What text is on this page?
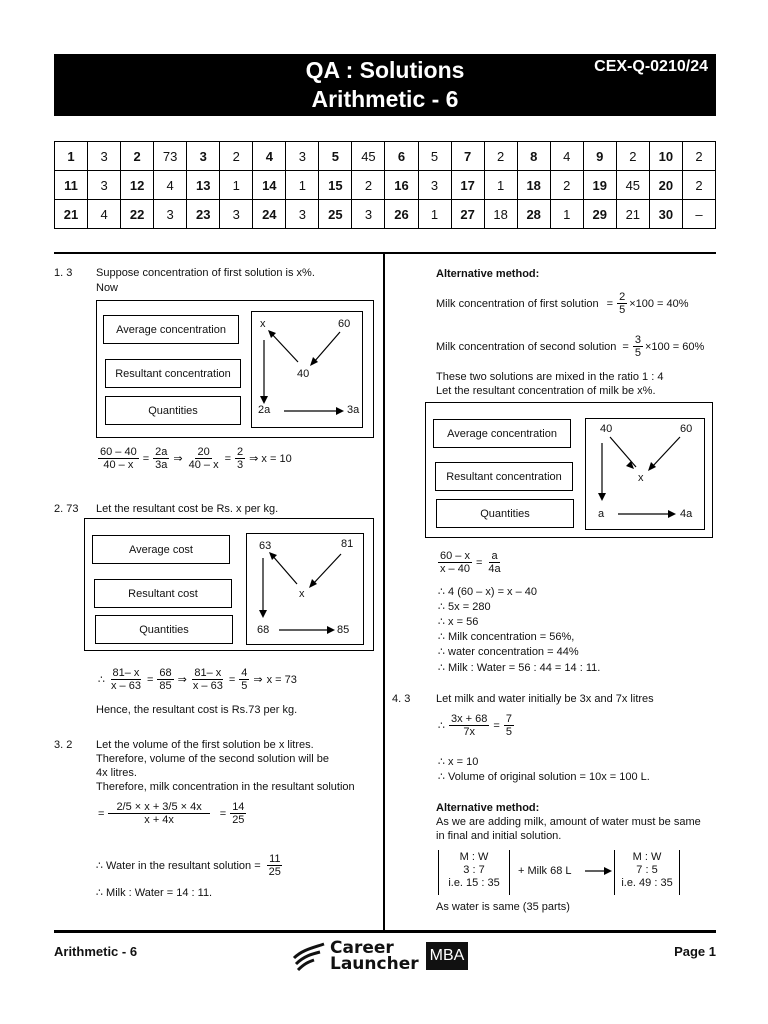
QA : Solutions
Arithmetic - 6
CEX-Q-0210/24
1	3	2	73	3	2	4	3	5	45	6	5	7	2	8	4	9	2	10	2
11	3	12	4	13	1	14	1	15	2	16	3	17	1	18	2	19	45	20	2
21	4	22	3	23	3	24	3	25	3	26	1	27	18	28	1	29	21	30	–
1. 3 Suppose concentration of first solution is x%.
Now
Average concentration
Resultant concentration
Quantities
x	60
40
2a	3a
$\frac{60 - 40}{40 - x} = \frac{2a}{3a}$ ⇒ $\frac{20}{40 - x} = \frac{2}{3}$ ⇒ x = 10
2. 73 Let the resultant cost be Rs. x per kg.
Average cost
Resultant cost
Quantities
63	81
x
68	85
∴ $\frac{81- x}{x - 63} = \frac{68}{85}$ ⇒ $\frac{81- x}{x - 63} = \frac{4}{5}$ ⇒ x = 73
Hence, the resultant cost is Rs.73 per kg.
3. 2 Let the volume of the first solution be x litres.
Therefore, volume of the second solution will be
4x litres.
Therefore, milk concentration in the resultant solution
= $\frac{2/5 \times x + 3/5 \times 4x}{x + 4x} = \frac{14}{25}$
∴ Water in the resultant solution = $\frac{11}{25}$
∴ Milk : Water = 14 : 11.
Alternative method:
Milk concentration of first solution = $\frac{2}{5} \times 100 = 40\%$
Milk concentration of second solution = $\frac{3}{5} \times 100 = 60\%$
These two solutions are mixed in the ratio 1 : 4
Let the resultant concentration of milk be x%.
Average concentration
Resultant concentration
Quantities
40	60
x
a	4a
$\frac{60 - x}{x - 40} = \frac{a}{4a}$
∴ 4 (60 – x) = x – 40
∴ 5x = 280
∴ x = 56
∴ Milk concentration = 56%,
∴ water concentration = 44%
∴ Milk : Water = 56 : 44 = 14 : 11.
4. 3 Let milk and water initially be 3x and 7x litres
∴ $\frac{3x + 68}{7x} = \frac{7}{5}$
∴ x = 10
∴ Volume of original solution = 10x = 100 L.
Alternative method:
As we are adding milk, amount of water must be same
in final and initial solution.
M : W
3 : 7
i.e. 15 : 35
+ Milk 68 L
M : W
7 : 5
i.e. 49 : 35
As water is same (35 parts)
Arithmetic - 6	Career
Launcher MBA	Page 1
